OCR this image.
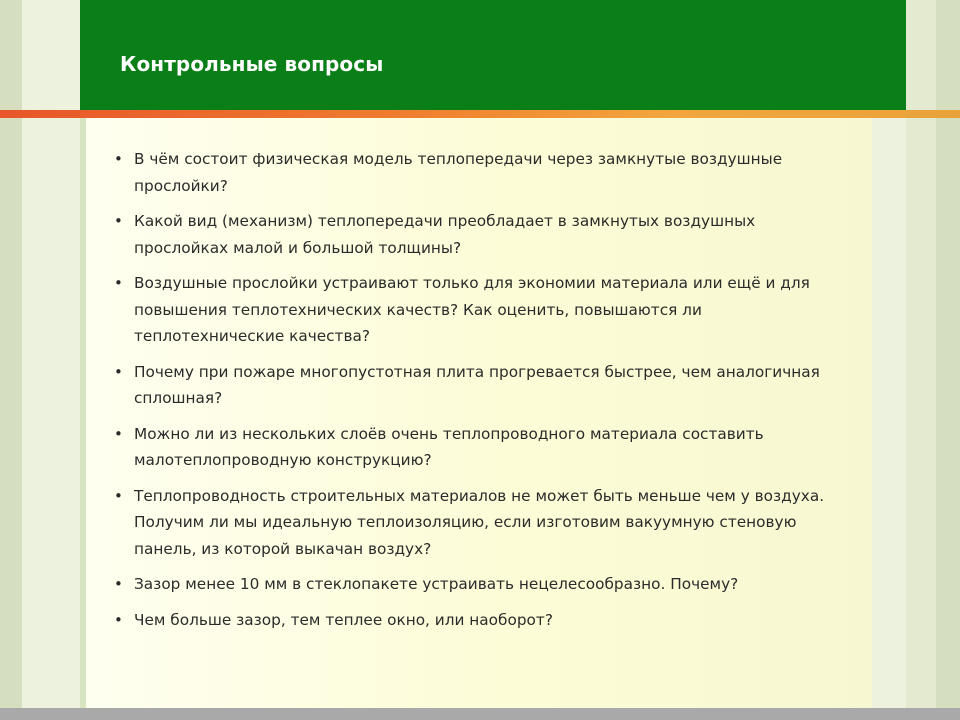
Контрольные вопросы
• В чём состоит физическая модель теплопередачи через замкнутые воздушные прослойки?
• Какой вид (механизм) теплопередачи преобладает в замкнутых воздушных прослойках малой и большой толщины?
• Воздушные прослойки устраивают только для экономии материала или ещё и для повышения теплотехнических качеств? Как оценить, повышаются ли теплотехнические качества?
• Почему при пожаре многопустотная плита прогревается быстрее, чем аналогичная сплошная?
• Можно ли из нескольких слоёв очень теплопроводного материала составить малотеплопроводную конструкцию?
• Теплопроводность строительных материалов не может быть меньше чем у воздуха. Получим ли мы идеальную теплоизоляцию, если изготовим вакуумную стеновую панель, из которой выкачан воздух?
• Зазор менее 10 мм в стеклопакете устраивать нецелесообразно. Почему?
• Чем больше зазор, тем теплее окно, или наоборот?
